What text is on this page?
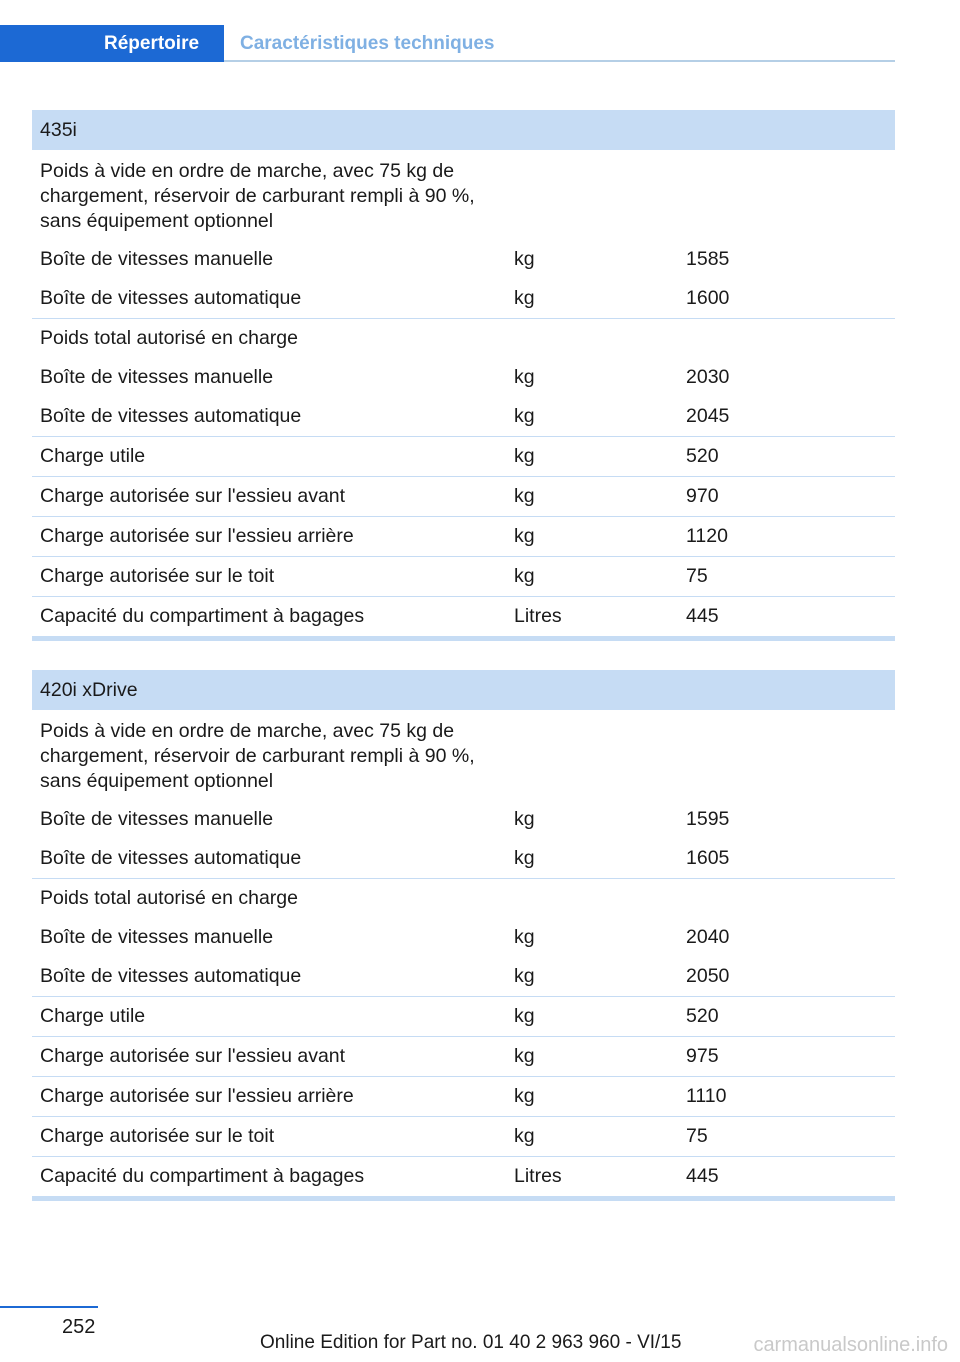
Répertoire	Caractéristiques techniques
435i		

Poids à vide en ordre de marche, avec 75 kg de chargement, réservoir de carburant rempli à 90 %, sans équipement optionnel		

Boîte de vitesses manuelle	kg	1585
Boîte de vitesses automatique	kg	1600
Poids total autorisé en charge		
Boîte de vitesses manuelle	kg	2030
Boîte de vitesses automatique	kg	2045
Charge utile	kg	520
Charge autorisée sur l'essieu avant	kg	970
Charge autorisée sur l'essieu arrière	kg	1120
Charge autorisée sur le toit	kg	75
Capacité du compartiment à bagages	Litres	445
420i xDrive		

Poids à vide en ordre de marche, avec 75 kg de chargement, réservoir de carburant rempli à 90 %, sans équipement optionnel		

Boîte de vitesses manuelle	kg	1595
Boîte de vitesses automatique	kg	1605
Poids total autorisé en charge		
Boîte de vitesses manuelle	kg	2040
Boîte de vitesses automatique	kg	2050
Charge utile	kg	520
Charge autorisée sur l'essieu avant	kg	975
Charge autorisée sur l'essieu arrière	kg	1110
Charge autorisée sur le toit	kg	75
Capacité du compartiment à bagages	Litres	445
252
Online Edition for Part no. 01 40 2 963 960 - VI/15	carmanualsonline.info
